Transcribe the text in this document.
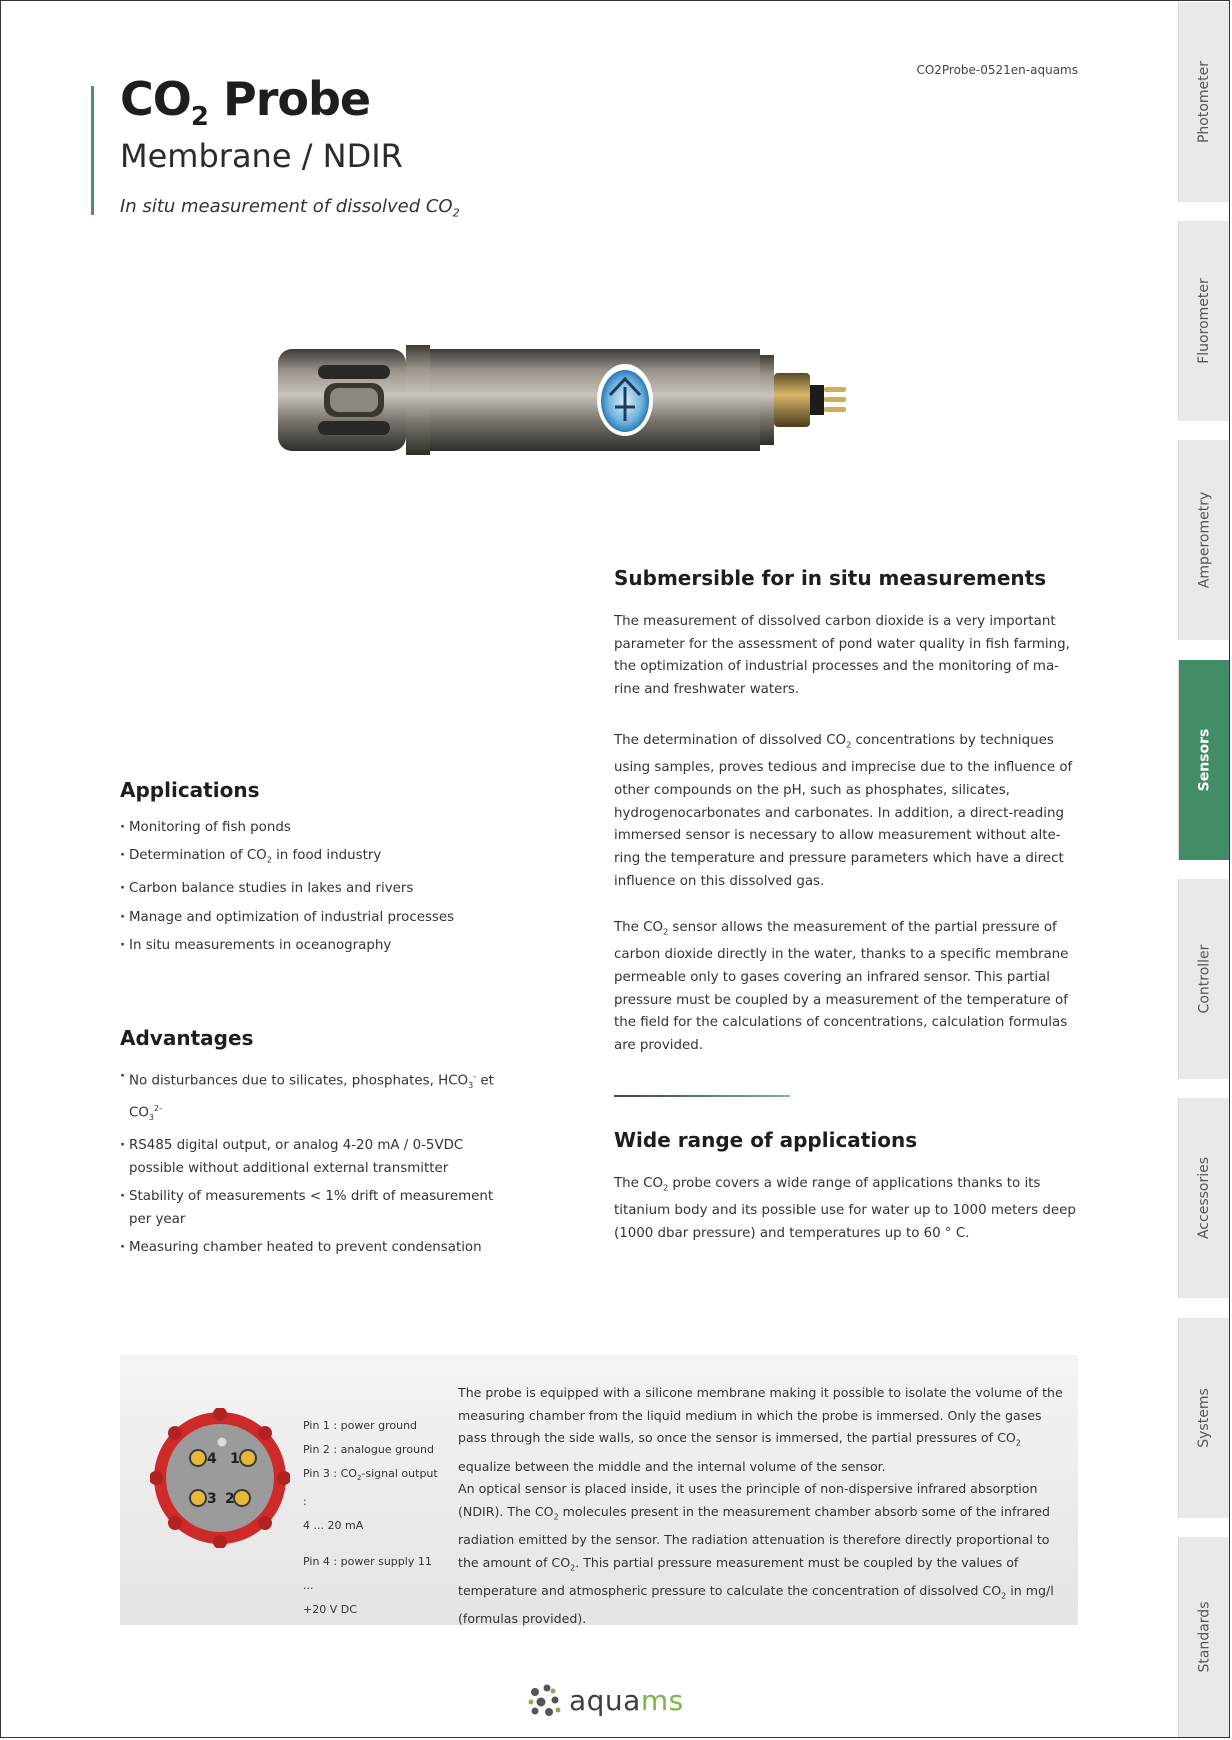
Photometer
Fluorometer
Amperometry
Sensors
Controller
Accessories
Systems
Standards
CO2Probe-0521en-aquams
$CO_2$ Probe
Membrane / NDIR
In situ measurement of dissolved $CO_2$
Submersible for in situ measurements
The measurement of dissolved carbon dioxide is a very important parameter for the assessment of pond water quality in fish farming, the optimization of industrial processes and the monitoring of ma- rine and freshwater waters.
The determination of dissolved $CO_2$ concentrations by techniques using samples, proves tedious and imprecise due to the influence of other compounds on the pH, such as phosphates, silicates, hydrogenocarbonates and carbonates. In addition, a direct-reading immersed sensor is necessary to allow measurement without alte- ring the temperature and pressure parameters which have a direct influence on this dissolved gas.
The $CO_2$ sensor allows the measurement of the partial pressure of carbon dioxide directly in the water, thanks to a specific membrane permeable only to gases covering an infrared sensor. This partial pressure must be coupled by a measurement of the temperature of the field for the calculations of concentrations, calculation formulas are provided.
Wide range of applications
The $CO_2$ probe covers a wide range of applications thanks to its titanium body and its possible use for water up to 1000 meters deep (1000 dbar pressure) and temperatures up to 60 ° C.
Applications
· Monitoring of fish ponds
· Determination of $CO_2$ in food industry
· Carbon balance studies in lakes and rivers
· Manage and optimization of industrial processes
· In situ measurements in oceanography
Advantages
· No disturbances due to silicates, phosphates, $HCO_3^-$ et $CO_3^{2-}$
· RS485 digital output, or analog 4-20 mA / 0-5VDC possible without additional external transmitter
· Stability of measurements < 1% drift of measurement per year
· Measuring chamber heated to prevent condensation
4 1
3 2
Pin 1 : power ground
Pin 2 : analogue ground
Pin 3 : $CO_2$-signal output :
4 ... 20 mA
Pin 4 : power supply 11 ...
+20 V DC
The probe is equipped with a silicone membrane making it possible to isolate the volume of the measuring chamber from the liquid medium in which the probe is immersed. Only the gases pass through the side walls, so once the sensor is immersed, the partial pressures of $CO_2$ equalize between the middle and the internal volume of the sensor.
An optical sensor is placed inside, it uses the principle of non-dispersive infrared absorption (NDIR). The $CO_2$ molecules present in the measurement chamber absorb some of the infrared radiation emitted by the sensor. The radiation attenuation is therefore directly proportional to the amount of $CO_2$. This partial pressure measurement must be coupled by the values of temperature and atmospheric pressure to calculate the concentration of dissolved $CO_2$ in mg/l (formulas provided).
aquams
